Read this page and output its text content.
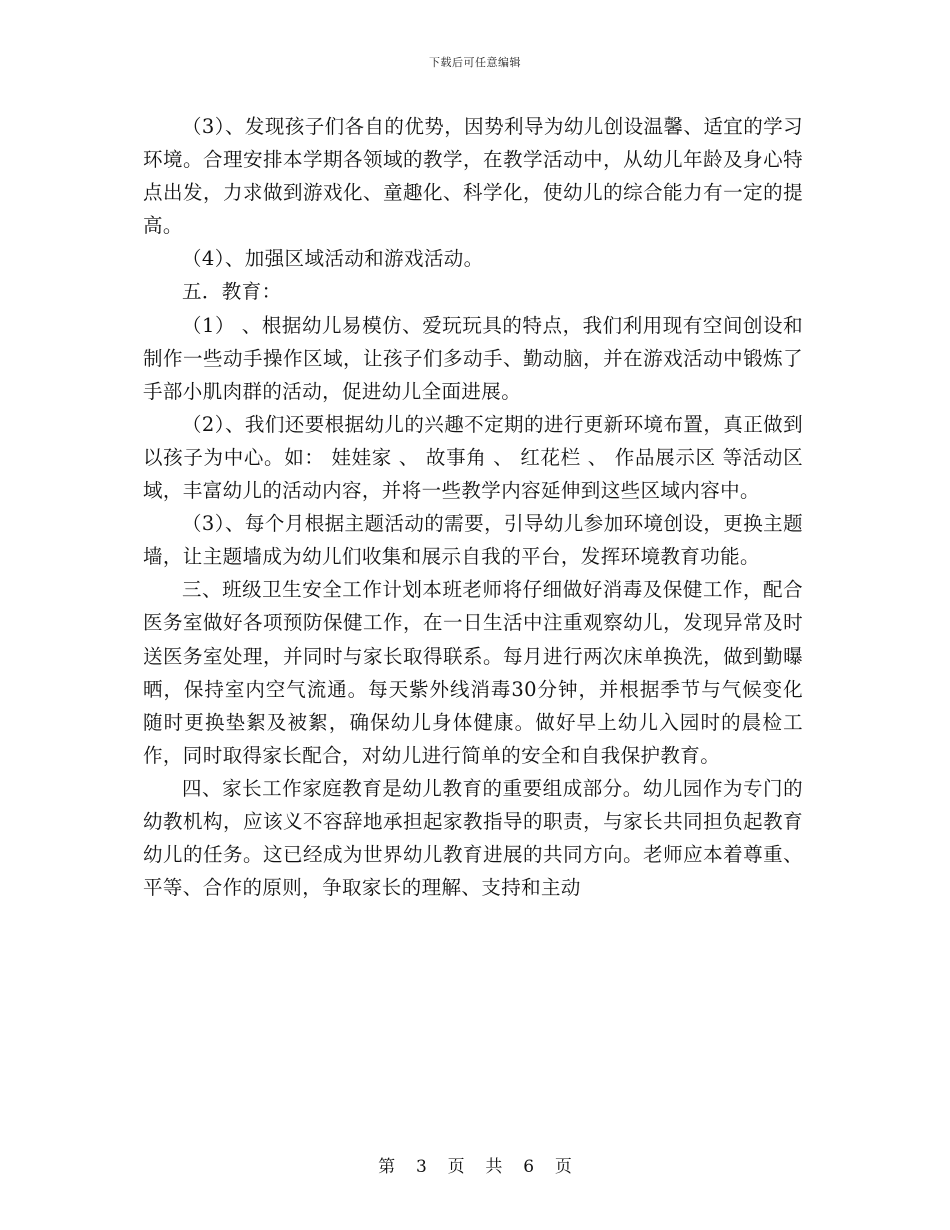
下载后可任意编辑

（3）、发现孩子们各自的优势，因势利导为幼儿创设温馨、适宜的学习环境。合理安排本学期各领域的教学，在教学活动中，从幼儿年龄及身心特点出发，力求做到游戏化、童趣化、科学化，使幼儿的综合能力有一定的提高。

（4）、加强区域活动和游戏活动。

五．教育：

（1） 、根据幼儿易模仿、爱玩玩具的特点，我们利用现有空间创设和制作一些动手操作区域，让孩子们多动手、勤动脑，并在游戏活动中锻炼了手部小肌肉群的活动，促进幼儿全面进展。

（2）、我们还要根据幼儿的兴趣不定期的进行更新环境布置，真正做到以孩子为中心。如： 娃娃家 、 故事角 、 红花栏 、 作品展示区 等活动区域，丰富幼儿的活动内容，并将一些教学内容延伸到这些区域内容中。

（3）、每个月根据主题活动的需要，引导幼儿参加环境创设，更换主题墙，让主题墙成为幼儿们收集和展示自我的平台，发挥环境教育功能。

三、班级卫生安全工作计划本班老师将仔细做好消毒及保健工作，配合医务室做好各项预防保健工作，在一日生活中注重观察幼儿，发现异常及时送医务室处理，并同时与家长取得联系。每月进行两次床单换洗，做到勤曝晒，保持室内空气流通。每天紫外线消毒30分钟，并根据季节与气候变化随时更换垫絮及被絮，确保幼儿身体健康。做好早上幼儿入园时的晨检工作，同时取得家长配合，对幼儿进行简单的安全和自我保护教育。

四、家长工作家庭教育是幼儿教育的重要组成部分。幼儿园作为专门的幼教机构，应该义不容辞地承担起家教指导的职责，与家长共同担负起教育幼儿的任务。这已经成为世界幼儿教育进展的共同方向。老师应本着尊重、平等、合作的原则，争取家长的理解、支持和主动

第 3 页 共 6 页
